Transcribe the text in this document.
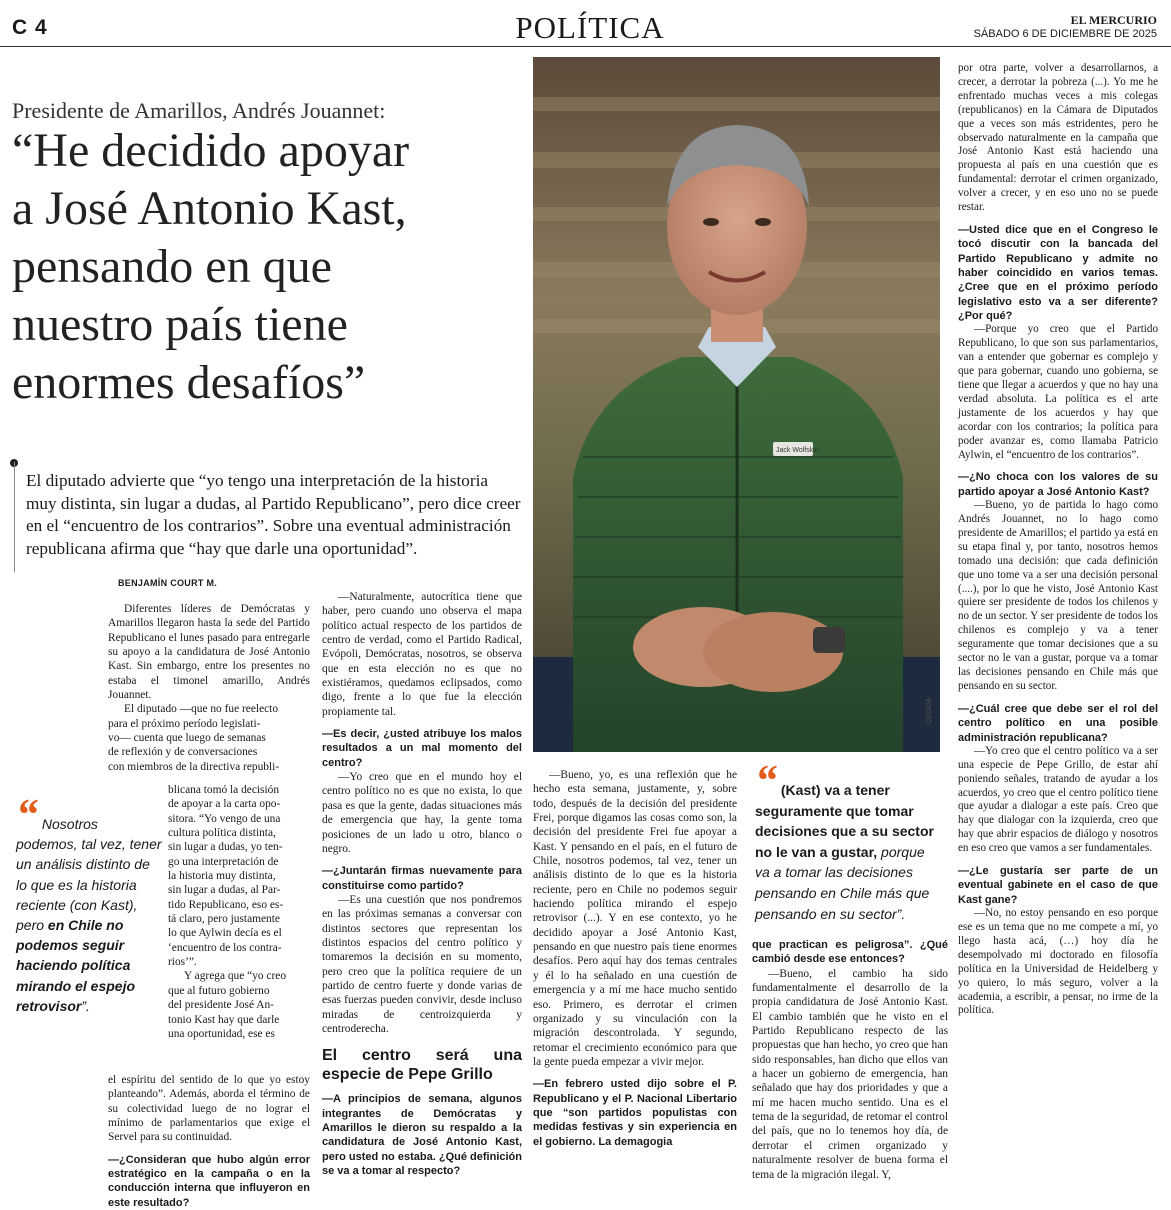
C 4	POLÍTICA	EL MERCURIO
SÁBADO 6 DE DICIEMBRE DE 2025
Presidente de Amarillos, Andrés Jouannet:
“He decidido apoyar
a José Antonio Kast,
pensando en que
nuestro país tiene
enormes desafíos”
El diputado advierte que “yo tengo una interpretación de la historia muy distinta, sin lugar a dudas, al Partido Republicano”, pero dice creer en el “encuentro de los contrarios”. Sobre una eventual administración republicana afirma que “hay que darle una oportunidad”.
BENJAMÍN COURT M.
Jack Wolfskin
CEDIDA

Diferentes líderes de Demócratas y Amarillos llegaron hasta la sede del Partido Republicano el lunes pasado para entregarle su apoyo a la candidatura de José Antonio Kast. Sin embargo, entre los presentes no estaba el timonel amarillo, Andrés Jouannet.

El diputado —que no fue reelecto
para el próximo período legislati-
vo— cuenta que luego de semanas
de reflexión y de conversaciones
con miembros de la directiva republi-
blicana tomó la decisión
de apoyar a la carta opo-
sitora. “Yo vengo de una
cultura política distinta,
sin lugar a dudas, yo ten-
go una interpretación de
la historia muy distinta,
sin lugar a dudas, al Par-
tido Republicano, eso es-
tá claro, pero justamente
lo que Aylwin decía es el
‘encuentro de los contra-
rios’”.
Y agrega que “yo creo
que al futuro gobierno
del presidente José An-
tonio Kast hay que darle
una oportunidad, ese es

el espíritu del sentido de lo que yo estoy planteando”. Además, aborda el término de su colectividad luego de no lograr el mínimo de parlamentarios que exige el Servel para su continuidad.

—¿Consideran que hubo algún error estratégico en la campaña o en la conducción interna que influyeron en este resultado?

“ Nosotros podemos, tal vez, tener un análisis distinto de lo que es la historia reciente (con Kast), pero en Chile no podemos seguir haciendo política mirando el espejo retrovisor”.

—Naturalmente, autocrítica tiene que haber, pero cuando uno observa el mapa político actual respecto de los partidos de centro de verdad, como el Partido Radical, Evópoli, Demócratas, nosotros, se observa que en esta elección no es que no existiéramos, quedamos eclipsados, como digo, frente a lo que fue la elección propiamente tal.

—Es decir, ¿usted atribuye los malos resultados a un mal momento del centro?

—Yo creo que en el mundo hoy el centro político no es que no exista, lo que pasa es que la gente, dadas situaciones más de emergencia que hay, la gente toma posiciones de un lado u otro, blanco o negro.

—¿Juntarán firmas nuevamente para constituirse como partido?

—Es una cuestión que nos pondremos en las próximas semanas a conversar con distintos sectores que representan los distintos espacios del centro político y tomaremos la decisión en su momento, pero creo que la política requiere de un partido de centro fuerte y donde varias de esas fuerzas pueden convivir, desde incluso miradas de centroizquierda y centroderecha.

El centro será una especie de Pepe Grillo

—A principios de semana, algunos integrantes de Demócratas y Amarillos le dieron su respaldo a la candidatura de José Antonio Kast, pero usted no estaba. ¿Qué definición se va a tomar al respecto?

—Bueno, yo, es una reflexión que he hecho esta semana, justamente, y, sobre todo, después de la decisión del presidente Frei, porque digamos las cosas como son, la decisión del presidente Frei fue apoyar a Kast. Y pensando en el país, en el futuro de Chile, nosotros podemos, tal vez, tener un análisis distinto de lo que es la historia reciente, pero en Chile no podemos seguir haciendo política mirando el espejo retrovisor (...). Y en ese contexto, yo he decidido apoyar a José Antonio Kast, pensando en que nuestro país tiene enormes desafíos. Pero aquí hay dos temas centrales y él lo ha señalado en una cuestión de emergencia y a mí me hace mucho sentido eso. Primero, es derrotar el crimen organizado y su vinculación con la migración descontrolada. Y segundo, retomar el crecimiento económico para que la gente pueda empezar a vivir mejor.

—En febrero usted dijo sobre el P. Republicano y el P. Nacional Libertario que “son partidos populistas con medidas festivas y sin experiencia en el gobierno. La demagogia

“ (Kast) va a tener seguramente que tomar decisiones que a su sector no le van a gustar, porque va a tomar las decisiones pensando en Chile más que pensando en su sector”.

que practican es peligrosa”. ¿Qué cambió desde ese entonces?

—Bueno, el cambio ha sido fundamentalmente el desarrollo de la propia candidatura de José Antonio Kast. El cambio también que he visto en el Partido Republicano respecto de las propuestas que han hecho, yo creo que han sido responsables, han dicho que ellos van a hacer un gobierno de emergencia, han señalado que hay dos prioridades y que a mí me hacen mucho sentido. Una es el tema de la seguridad, de retomar el control del país, que no lo tenemos hoy día, de derrotar el crimen organizado y naturalmente resolver de buena forma el tema de la migración ilegal. Y,

por otra parte, volver a desarrollarnos, a crecer, a derrotar la pobreza (...). Yo me he enfrentado muchas veces a mis colegas (republicanos) en la Cámara de Diputados que a veces son más estridentes, pero he observado naturalmente en la campaña que José Antonio Kast está haciendo una propuesta al país en una cuestión que es fundamental: derrotar el crimen organizado, volver a crecer, y en eso uno no se puede restar.

—Usted dice que en el Congreso le tocó discutir con la bancada del Partido Republicano y admite no haber coincidido en varios temas. ¿Cree que en el próximo período legislativo esto va a ser diferente? ¿Por qué?

—Porque yo creo que el Partido Republicano, lo que son sus parlamentarios, van a entender que gobernar es complejo y que para gobernar, cuando uno gobierna, se tiene que llegar a acuerdos y que no hay una verdad absoluta. La política es el arte justamente de los acuerdos y hay que acordar con los contrarios; la política para poder avanzar es, como llamaba Patricio Aylwin, el “encuentro de los contrarios”.

—¿No choca con los valores de su partido apoyar a José Antonio Kast?

—Bueno, yo de partida lo hago como Andrés Jouannet, no lo hago como presidente de Amarillos; el partido ya está en su etapa final y, por tanto, nosotros hemos tomado una decisión: que cada definición que uno tome va a ser una decisión personal (....), por lo que he visto, José Antonio Kast quiere ser presidente de todos los chilenos y no de un sector. Y ser presidente de todos los chilenos es complejo y va a tener seguramente que tomar decisiones que a su sector no le van a gustar, porque va a tomar las decisiones pensando en Chile más que pensando en su sector.

—¿Cuál cree que debe ser el rol del centro político en una posible administración republicana?

—Yo creo que el centro político va a ser una especie de Pepe Grillo, de estar ahí poniendo señales, tratando de ayudar a los acuerdos, yo creo que el centro político tiene que ayudar a dialogar a este país. Creo que hay que dialogar con la izquierda, creo que hay que abrir espacios de diálogo y nosotros en eso creo que vamos a ser fundamentales.

—¿Le gustaría ser parte de un eventual gabinete en el caso de que Kast gane?

—No, no estoy pensando en eso porque ese es un tema que no me compete a mí, yo llego hasta acá, (…) hoy día he desempolvado mi doctorado en filosofía política en la Universidad de Heidelberg y yo quiero, lo más seguro, volver a la academia, a escribir, a pensar, no irme de la política.
